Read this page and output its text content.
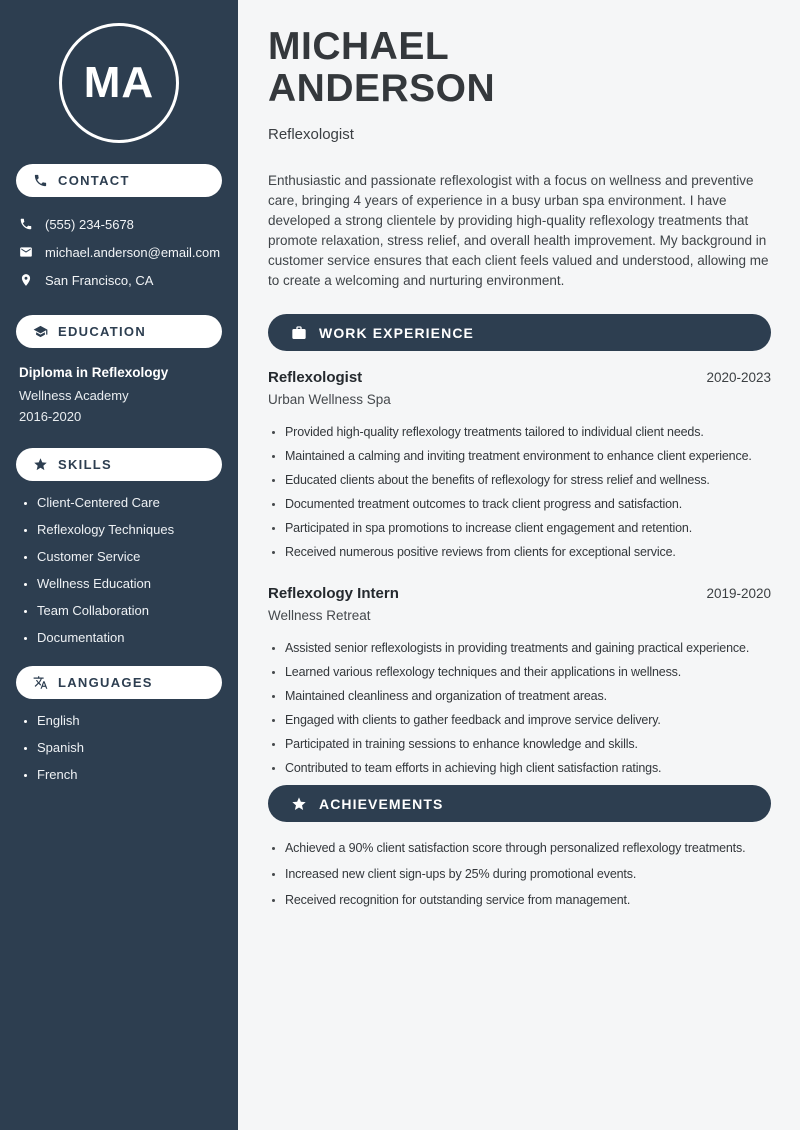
MA
CONTACT
(555) 234-5678
michael.anderson@email.com
San Francisco, CA
EDUCATION
Diploma in Reflexology
Wellness Academy
2016-2020
SKILLS
• Client-Centered Care
• Reflexology Techniques
• Customer Service
• Wellness Education
• Team Collaboration
• Documentation
LANGUAGES
• English
• Spanish
• French
MICHAEL
ANDERSON
Reflexologist

Enthusiastic and passionate reflexologist with a focus on wellness and preventive care, bringing 4 years of experience in a busy urban spa environment. I have developed a strong clientele by providing high-quality reflexology treatments that promote relaxation, stress relief, and overall health improvement. My background in customer service ensures that each client feels valued and understood, allowing me to create a welcoming and nurturing environment.

WORK EXPERIENCE
Reflexologist	2020-2023
Urban Wellness Spa
• Provided high-quality reflexology treatments tailored to individual client needs.
• Maintained a calming and inviting treatment environment to enhance client experience.
• Educated clients about the benefits of reflexology for stress relief and wellness.
• Documented treatment outcomes to track client progress and satisfaction.
• Participated in spa promotions to increase client engagement and retention.
• Received numerous positive reviews from clients for exceptional service.
Reflexology Intern	2019-2020
Wellness Retreat
• Assisted senior reflexologists in providing treatments and gaining practical experience.
• Learned various reflexology techniques and their applications in wellness.
• Maintained cleanliness and organization of treatment areas.
• Engaged with clients to gather feedback and improve service delivery.
• Participated in training sessions to enhance knowledge and skills.
• Contributed to team efforts in achieving high client satisfaction ratings.
ACHIEVEMENTS
• Achieved a 90% client satisfaction score through personalized reflexology treatments.
• Increased new client sign-ups by 25% during promotional events.
• Received recognition for outstanding service from management.
